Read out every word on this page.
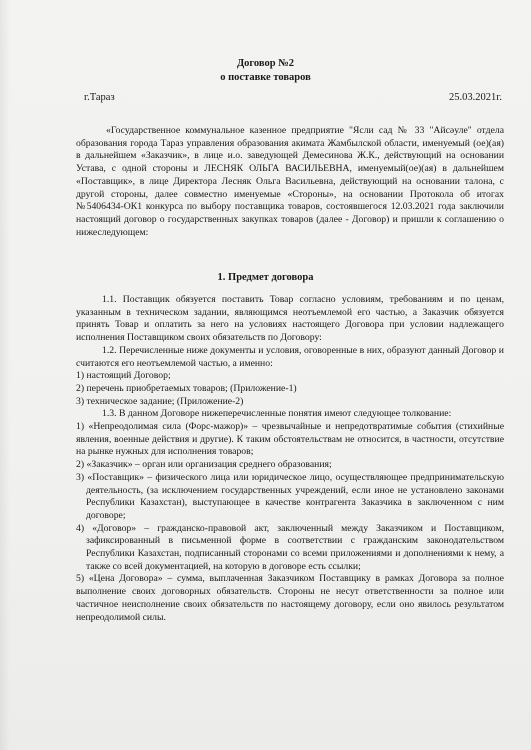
Договор №2
о поставке товаров
г.Тараз	25.03.2021г.

«Государственное коммунальное казенное предприятие "Ясли сад № 33 "Айсəуле" отдела образования города Тараз управления образования акимата Жамбылской области, именуемый (ое)(ая) в дальнейшем «Заказчик», в лице и.о. заведующей Демесинова Ж.К., действующий на основании Устава, с одной стороны и ЛЕСНЯК ОЛЬГА ВАСИЛЬЕВНА, именуемый(ое)(ая) в дальнейшем «Поставщик», в лице Директора Лесняк Ольга Васильевна, действующий на основании талона, с другой стороны, далее совместно именуемые «Стороны», на основании Протокола об итогах №5406434-ОК1 конкурса по выбору поставщика товаров, состоявшегося 12.03.2021 года заключили настоящий договор о государственных закупках товаров (далее - Договор) и пришли к соглашению о нижеследующем:

1. Предмет договора

1.1. Поставщик обязуется поставить Товар согласно условиям, требованиям и по ценам, указанным в техническом задании, являющимся неотъемлемой его частью, а Заказчик обязуется принять Товар и оплатить за него на условиях настоящего Договора при условии надлежащего исполнения Поставщиком своих обязательств по Договору:

1.2. Перечисленные ниже документы и условия, оговоренные в них, образуют данный Договор и считаются его неотъемлемой частью, а именно:

1) настоящий Договор;

2) перечень приобретаемых товаров; (Приложение-1)

3) техническое задание; (Приложение-2)

1.3. В данном Договоре нижеперечисленные понятия имеют следующее толкование:

1) «Непреодолимая сила (Форс-мажор)» – чрезвычайные и непредотвратимые события (стихийные явления, военные действия и другие). К таким обстоятельствам не относится, в частности, отсутствие на рынке нужных для исполнения товаров;

2) «Заказчик» – орган или организация среднего образования;

3) «Поставщик» – физического лица или юридическое лицо, осуществляющее предпринимательскую деятельность, (за исключением государственных учреждений, если иное не установлено законами Республики Казахстан), выступающее в качестве контрагента Заказчика в заключенном с ним договоре;

4) «Договор» – гражданско-правовой акт, заключенный между Заказчиком и Поставщиком, зафиксированный в письменной форме в соответствии с гражданским законодательством Республики Казахстан, подписанный сторонами со всеми приложениями и дополнениями к нему, а также со всей документацией, на которую в договоре есть ссылки;

5) «Цена Договора» – сумма, выплаченная Заказчиком Поставщику в рамках Договора за полное выполнение своих договорных обязательств. Стороны не несут ответственности за полное или частичное неисполнение своих обязательств по настоящему договору, если оно явилось результатом непреодолимой силы.
